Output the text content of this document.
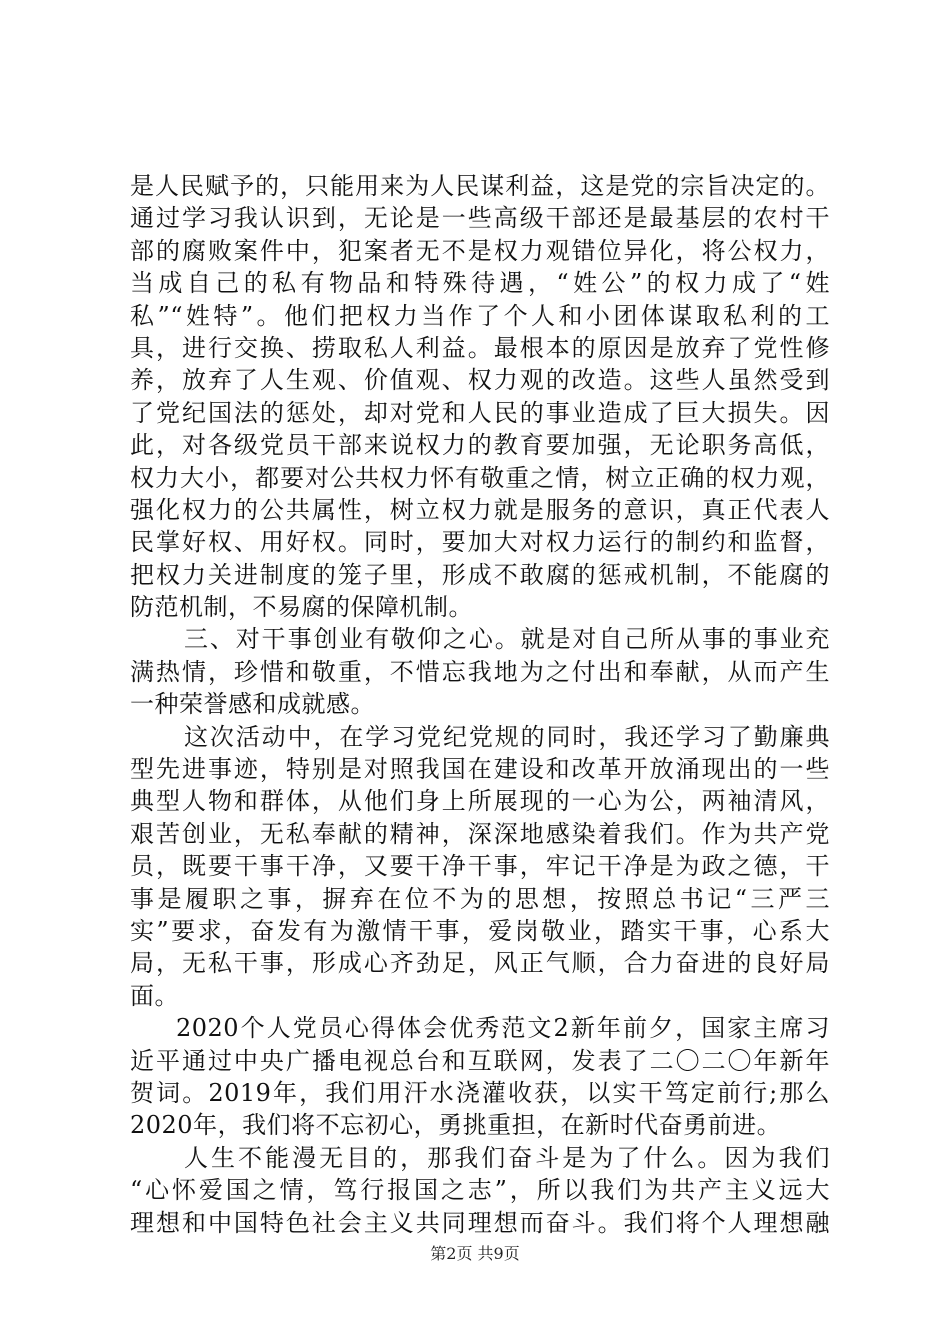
是人民赋予的，只能用来为人民谋利益，这是党的宗旨决定的。
通过学习我认识到，无论是一些高级干部还是最基层的农村干
部的腐败案件中，犯案者无不是权力观错位异化，将公权力，
当成自己的私有物品和特殊待遇，“姓公”的权力成了“姓
私”“姓特”。他们把权力当作了个人和小团体谋取私利的工
具，进行交换、捞取私人利益。最根本的原因是放弃了党性修
养，放弃了人生观、价值观、权力观的改造。这些人虽然受到
了党纪国法的惩处，却对党和人民的事业造成了巨大损失。因
此，对各级党员干部来说权力的教育要加强，无论职务高低，
权力大小，都要对公共权力怀有敬重之情，树立正确的权力观，
强化权力的公共属性，树立权力就是服务的意识，真正代表人
民掌好权、用好权。同时，要加大对权力运行的制约和监督，
把权力关进制度的笼子里，形成不敢腐的惩戒机制，不能腐的
防范机制，不易腐的保障机制。
三、对干事创业有敬仰之心。就是对自己所从事的事业充
满热情，珍惜和敬重，不惜忘我地为之付出和奉献，从而产生
一种荣誉感和成就感。
这次活动中，在学习党纪党规的同时，我还学习了勤廉典
型先进事迹，特别是对照我国在建设和改革开放涌现出的一些
典型人物和群体，从他们身上所展现的一心为公，两袖清风，
艰苦创业，无私奉献的精神，深深地感染着我们。作为共产党
员，既要干事干净，又要干净干事，牢记干净是为政之德，干
事是履职之事，摒弃在位不为的思想，按照总书记“三严三
实”要求，奋发有为激情干事，爱岗敬业，踏实干事，心系大
局，无私干事，形成心齐劲足，风正气顺，合力奋进的良好局
面。
2020个人党员心得体会优秀范文2新年前夕，国家主席习
近平通过中央广播电视总台和互联网，发表了二〇二〇年新年
贺词。2019年，我们用汗水浇灌收获，以实干笃定前行;那么
2020年，我们将不忘初心，勇挑重担，在新时代奋勇前进。
人生不能漫无目的，那我们奋斗是为了什么。因为我们
“心怀爱国之情，笃行报国之志”，所以我们为共产主义远大
理想和中国特色社会主义共同理想而奋斗。我们将个人理想融
第2页 共9页
